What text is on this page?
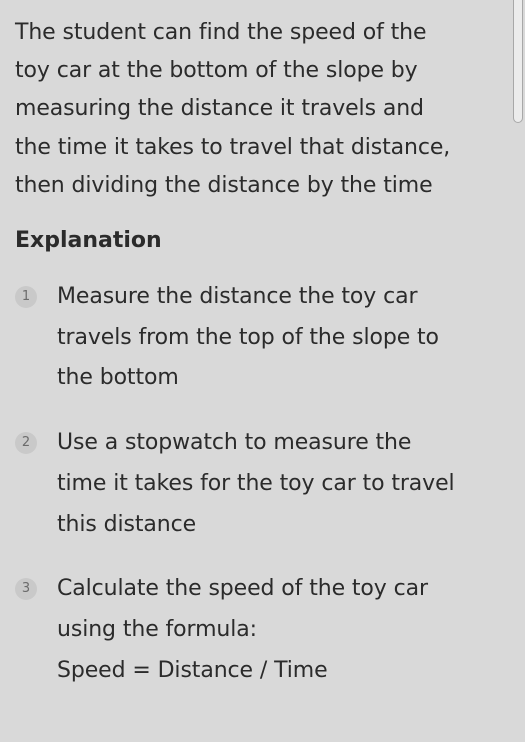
The student can find the speed of the
toy car at the bottom of the slope by
measuring the distance it travels and
the time it takes to travel that distance,
then dividing the distance by the time

Explanation
1	Measure the distance the toy car
travels from the top of the slope to
the bottom

2	Use a stopwatch to measure the
time it takes for the toy car to travel
this distance

3	Calculate the speed of the toy car
using the formula:
Speed = Distance / Time
